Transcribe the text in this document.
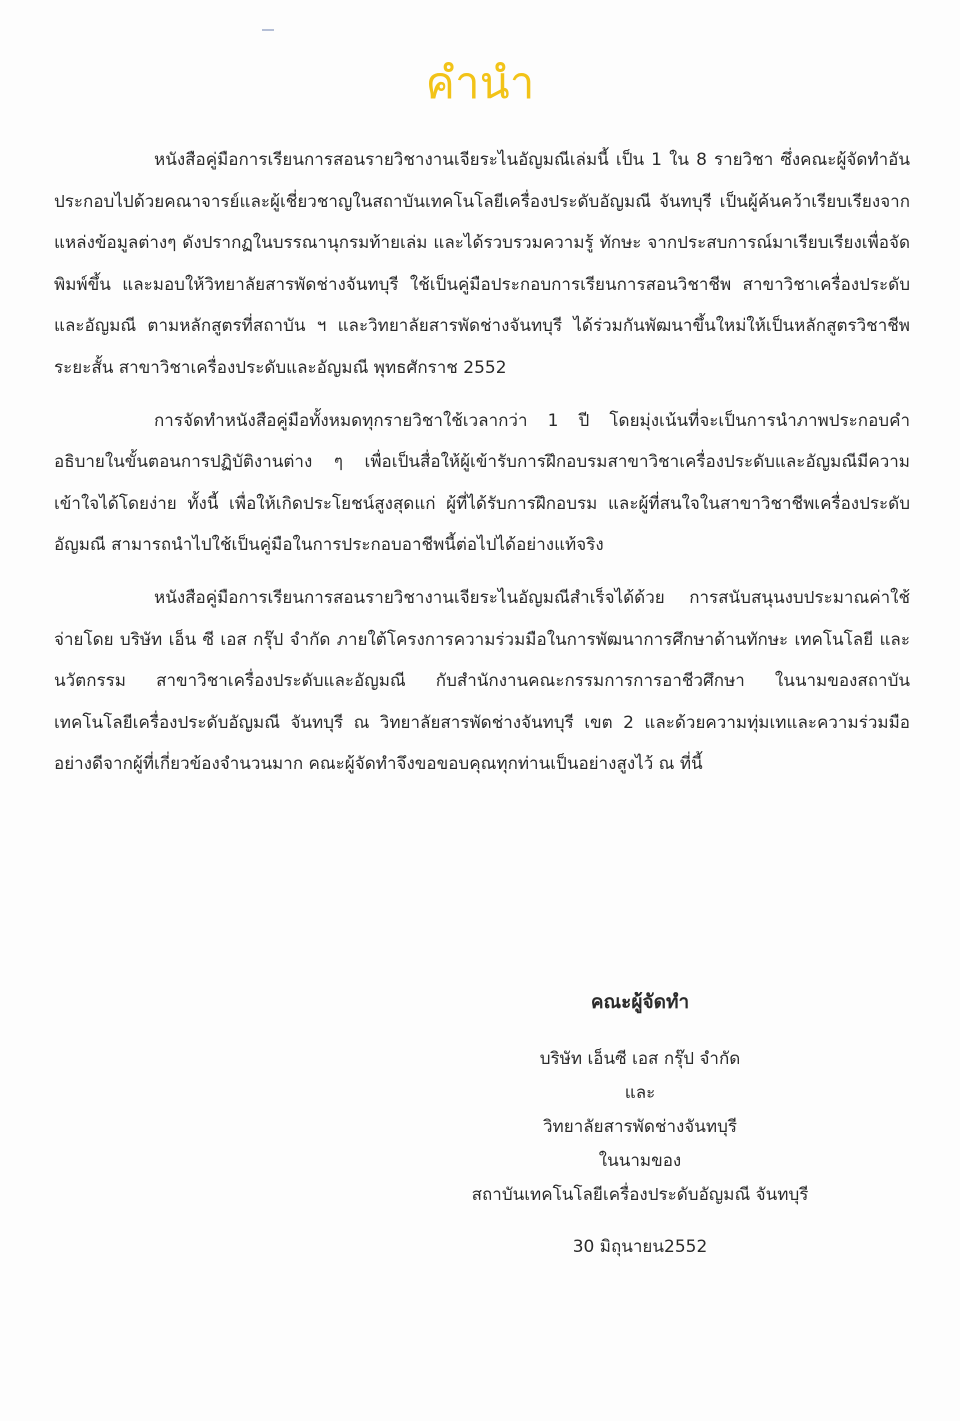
คำนำ

หนังสือคู่มือการเรียนการสอนรายวิชางานเจียระไนอัญมณีเล่มนี้ เป็น 1 ใน 8 รายวิชา ซึ่งคณะผู้จัดทำอันประกอบไปด้วยคณาจารย์และผู้เชี่ยวชาญในสถาบันเทคโนโลยีเครื่องประดับอัญมณี จันทบุรี เป็นผู้ค้นคว้าเรียบเรียงจากแหล่งข้อมูลต่างๆ ดังปรากฏในบรรณานุกรมท้ายเล่ม และได้รวบรวมความรู้ ทักษะ จากประสบการณ์มาเรียบเรียงเพื่อจัดพิมพ์ขึ้น และมอบให้วิทยาลัยสารพัดช่างจันทบุรี ใช้เป็นคู่มือประกอบการเรียนการสอนวิชาชีพ สาขาวิชาเครื่องประดับและอัญมณี ตามหลักสูตรที่สถาบัน ฯ และวิทยาลัยสารพัดช่างจันทบุรี ได้ร่วมกันพัฒนาขึ้นใหม่ให้เป็นหลักสูตรวิชาชีพระยะสั้น สาขาวิชาเครื่องประดับและอัญมณี พุทธศักราช 2552

การจัดทำหนังสือคู่มือทั้งหมดทุกรายวิชาใช้เวลากว่า 1 ปี โดยมุ่งเน้นที่จะเป็นการนำภาพประกอบคำอธิบายในขั้นตอนการปฏิบัติงานต่าง ๆ เพื่อเป็นสื่อให้ผู้เข้ารับการฝึกอบรมสาขาวิชาเครื่องประดับและอัญมณีมีความเข้าใจได้โดยง่าย ทั้งนี้ เพื่อให้เกิดประโยชน์สูงสุดแก่ ผู้ที่ได้รับการฝึกอบรม และผู้ที่สนใจในสาขาวิชาชีพเครื่องประดับอัญมณี สามารถนำไปใช้เป็นคู่มือในการประกอบอาชีพนี้ต่อไปได้อย่างแท้จริง

หนังสือคู่มือการเรียนการสอนรายวิชางานเจียระไนอัญมณีสำเร็จได้ด้วย การสนับสนุนงบประมาณค่าใช้จ่ายโดย บริษัท เอ็น ซี เอส กรุ๊ป จำกัด ภายใต้โครงการความร่วมมือในการพัฒนาการศึกษาด้านทักษะ เทคโนโลยี และนวัตกรรม สาขาวิชาเครื่องประดับและอัญมณี กับสำนักงานคณะกรรมการการอาชีวศึกษา ในนามของสถาบันเทคโนโลยีเครื่องประดับอัญมณี จันทบุรี ณ วิทยาลัยสารพัดช่างจันทบุรี เขต 2 และด้วยความทุ่มเทและความร่วมมืออย่างดีจากผู้ที่เกี่ยวข้องจำนวนมาก คณะผู้จัดทำจึงขอขอบคุณทุกท่านเป็นอย่างสูงไว้ ณ ที่นี้

คณะผู้จัดทำ

บริษัท เอ็นซี เอส กรุ๊ป จำกัด

และ

วิทยาลัยสารพัดช่างจันทบุรี

ในนามของ

สถาบันเทคโนโลยีเครื่องประดับอัญมณี จันทบุรี

30 มิถุนายน2552
